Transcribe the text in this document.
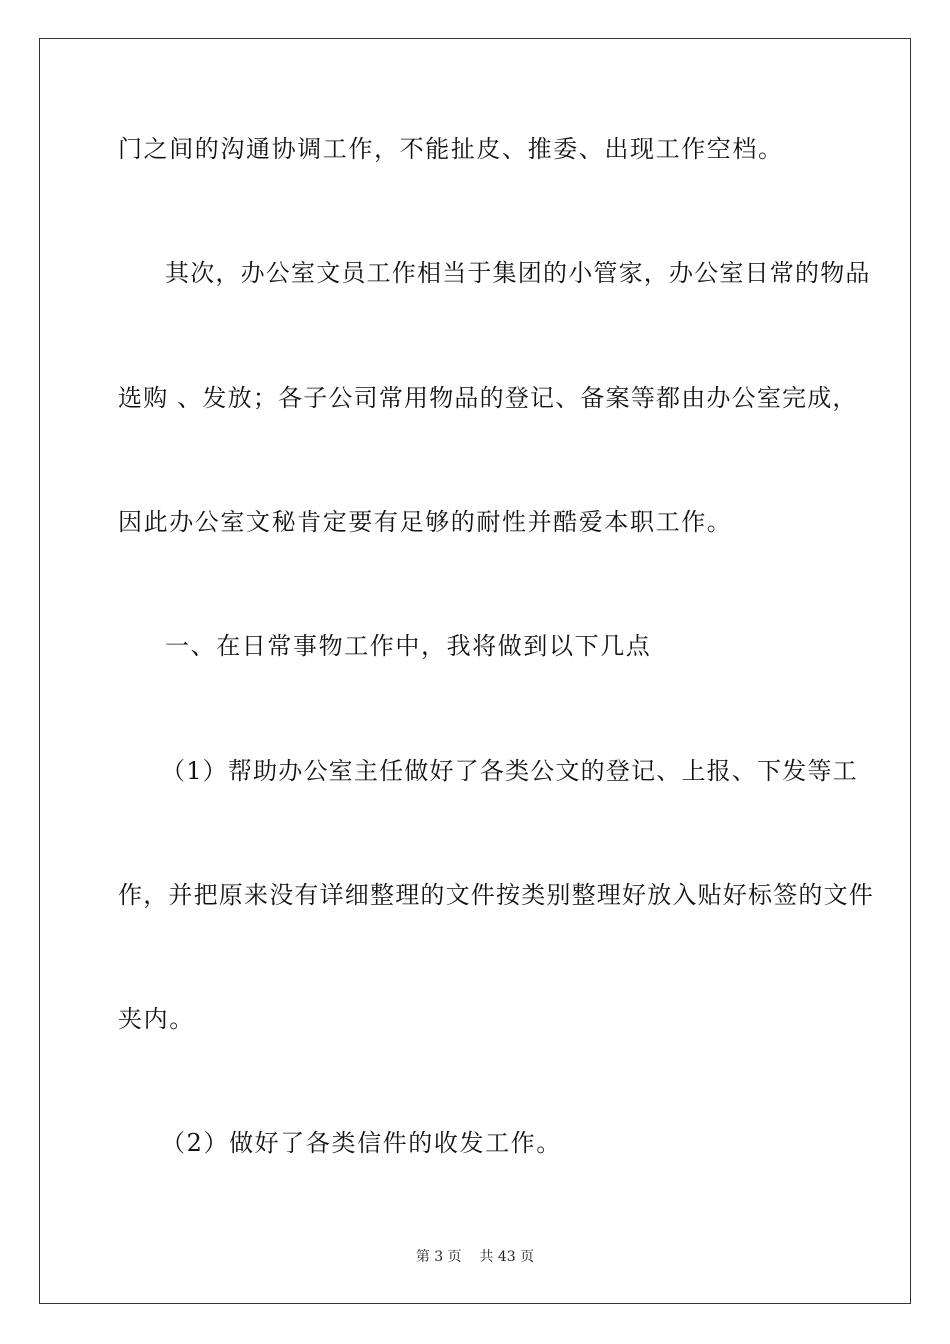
门之间的沟通协调工作，不能扯皮、推委、出现工作空档。
其次，办公室文员工作相当于集团的小管家，办公室日常的物品
选购 、发放；各子公司常用物品的登记、备案等都由办公室完成，
因此办公室文秘肯定要有足够的耐性并酷爱本职工作。
一、在日常事物工作中，我将做到以下几点
（1）帮助办公室主任做好了各类公文的登记、上报、下发等工
作，并把原来没有详细整理的文件按类别整理好放入贴好标签的文件
夹内。
（2）做好了各类信件的收发工作。
第 3 页    共 43 页
